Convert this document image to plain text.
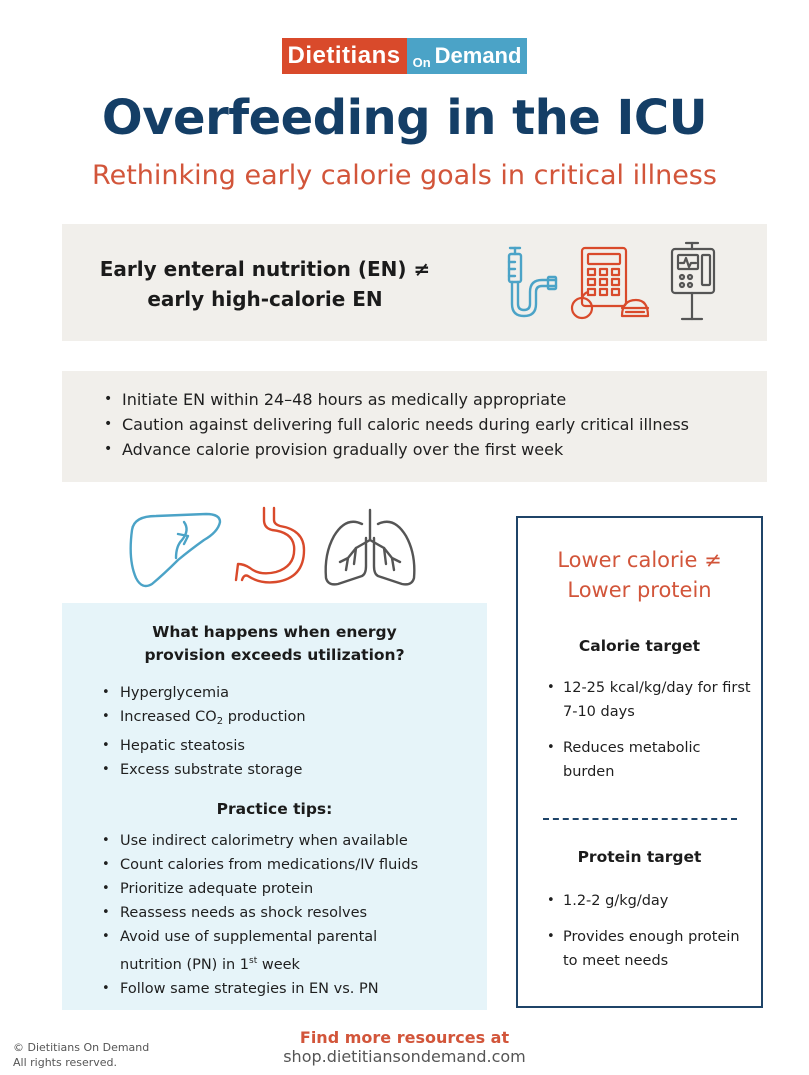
Dietitians On Demand
Overfeeding in the ICU
Rethinking early calorie goals in critical illness
Early enteral nutrition (EN) ≠
early high-calorie EN
• Initiate EN within 24–48 hours as medically appropriate
• Caution against delivering full caloric needs during early critical illness
• Advance calorie provision gradually over the first week
What happens when energy
provision exceeds utilization?
• Hyperglycemia
• Increased $CO_2$ production
• Hepatic steatosis
• Excess substrate storage
Practice tips:
• Use indirect calorimetry when available
• Count calories from medications/IV fluids
• Prioritize adequate protein
• Reassess needs as shock resolves
• Avoid use of supplemental parental
nutrition (PN) in 1st week
• Follow same strategies in EN vs. PN
Lower calorie ≠
Lower protein
Calorie target
• 12-25 kcal/kg/day for first 7-10 days
• Reduces metabolic burden
Protein target
• 1.2-2 g/kg/day
• Provides enough protein to meet needs
Find more resources at
shop.dietitiansondemand.com
© Dietitians On Demand
All rights reserved.
